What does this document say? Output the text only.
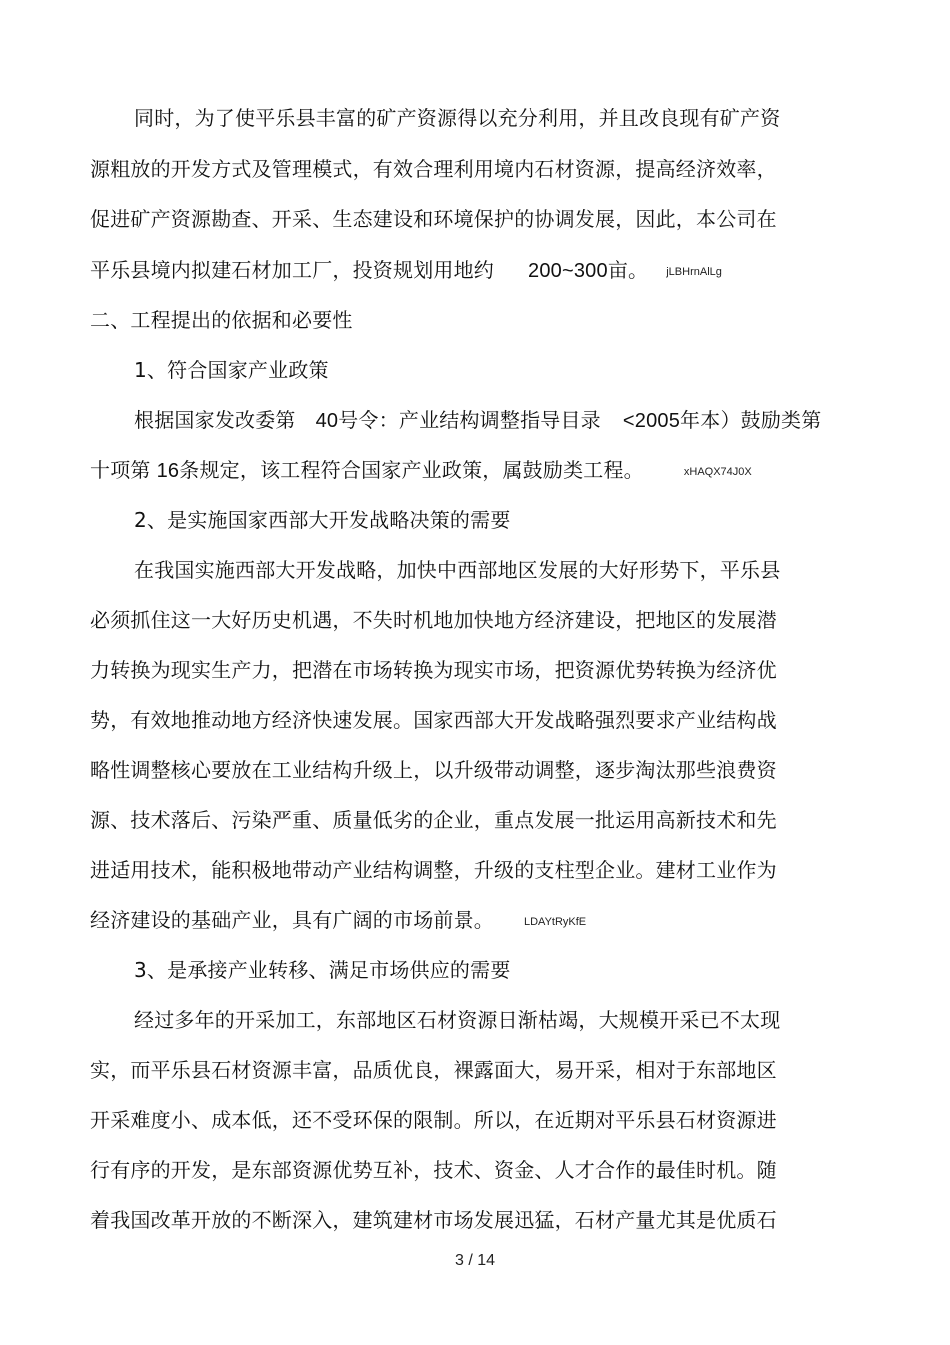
同时，为了使平乐县丰富的矿产资源得以充分利用，并且改良现有矿产资
源粗放的开发方式及管理模式，有效合理利用境内石材资源，提高经济效率，
促进矿产资源勘查、开采、生态建设和环境保护的协调发展，因此，本公司在
平乐县境内拟建石材加工厂，投资规划用地约 200~300亩。 jLBHrnAlLg
二、工程提出的依据和必要性
1、符合国家产业政策
根据国家发改委第 40号令：产业结构调整指导目录 <2005年本）鼓励类第
十项第 16条规定，该工程符合国家产业政策，属鼓励类工程。	xHAQX74J0X
2、是实施国家西部大开发战略决策的需要
在我国实施西部大开发战略，加快中西部地区发展的大好形势下，平乐县
必须抓住这一大好历史机遇，不失时机地加快地方经济建设，把地区的发展潜
力转换为现实生产力，把潜在市场转换为现实市场，把资源优势转换为经济优
势，有效地推动地方经济快速发展。国家西部大开发战略强烈要求产业结构战
略性调整核心要放在工业结构升级上，以升级带动调整，逐步淘汰那些浪费资
源、技术落后、污染严重、质量低劣的企业，重点发展一批运用高新技术和先
进适用技术，能积极地带动产业结构调整，升级的支柱型企业。建材工业作为
经济建设的基础产业，具有广阔的市场前景。	LDAYtRyKfE
3、是承接产业转移、满足市场供应的需要
经过多年的开采加工，东部地区石材资源日渐枯竭，大规模开采已不太现
实，而平乐县石材资源丰富，品质优良，裸露面大，易开采，相对于东部地区
开采难度小、成本低，还不受环保的限制。所以，在近期对平乐县石材资源进
行有序的开发，是东部资源优势互补，技术、资金、人才合作的最佳时机。随
着我国改革开放的不断深入，建筑建材市场发展迅猛，石材产量尤其是优质石
3 / 14
